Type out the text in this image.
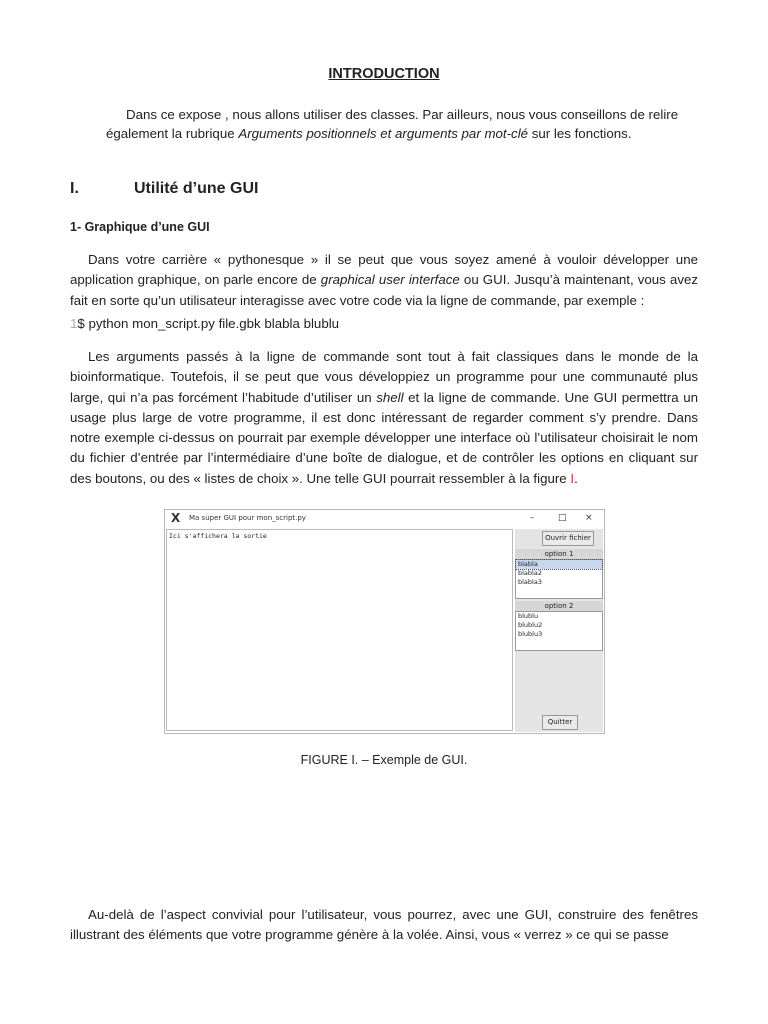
INTRODUCTION
Dans ce expose , nous allons utiliser des classes. Par ailleurs, nous vous conseillons de relire
également la rubrique Arguments positionnels et arguments par mot-clé sur les fonctions.
I.	Utilité d’une GUI
1- Graphique d’une GUI
Dans votre carrière « pythonesque » il se peut que vous soyez amené à vouloir développer une application graphique, on parle encore de graphical user interface ou GUI. Jusqu’à maintenant, vous avez fait en sorte qu’un utilisateur interagisse avec votre code via la ligne de commande, par exemple :
1$ python mon_script.py file.gbk blabla blublu
Les arguments passés à la ligne de commande sont tout à fait classiques dans le monde de la bioinformatique. Toutefois, il se peut que vous développiez un programme pour une communauté plus large, qui n’a pas forcément l’habitude d’utiliser un shell et la ligne de commande. Une GUI permettra un usage plus large de votre programme, il est donc intéressant de regarder comment s’y prendre. Dans notre exemple ci-dessus on pourrait par exemple développer une interface où l’utilisateur choisirait le nom du fichier d’entrée par l’intermédiaire d’une boîte de dialogue, et de contrôler les options en cliquant sur des boutons, ou des « listes de choix ». Une telle GUI pourrait ressembler à la figure I.
X Ma super GUI pour mon_script.py	–	□ ×
Ici s'affichera la sortie	Ouvrir fichier
option 1
blabla
blabla2
blabla3
option 2
blublu
blublu2
blublu3
Quitter
FIGURE I. – Exemple de GUI.
Au-delà de l’aspect convivial pour l’utilisateur, vous pourrez, avec une GUI, construire des fenêtres illustrant des éléments que votre programme génère à la volée. Ainsi, vous « verrez » ce qui se passe
